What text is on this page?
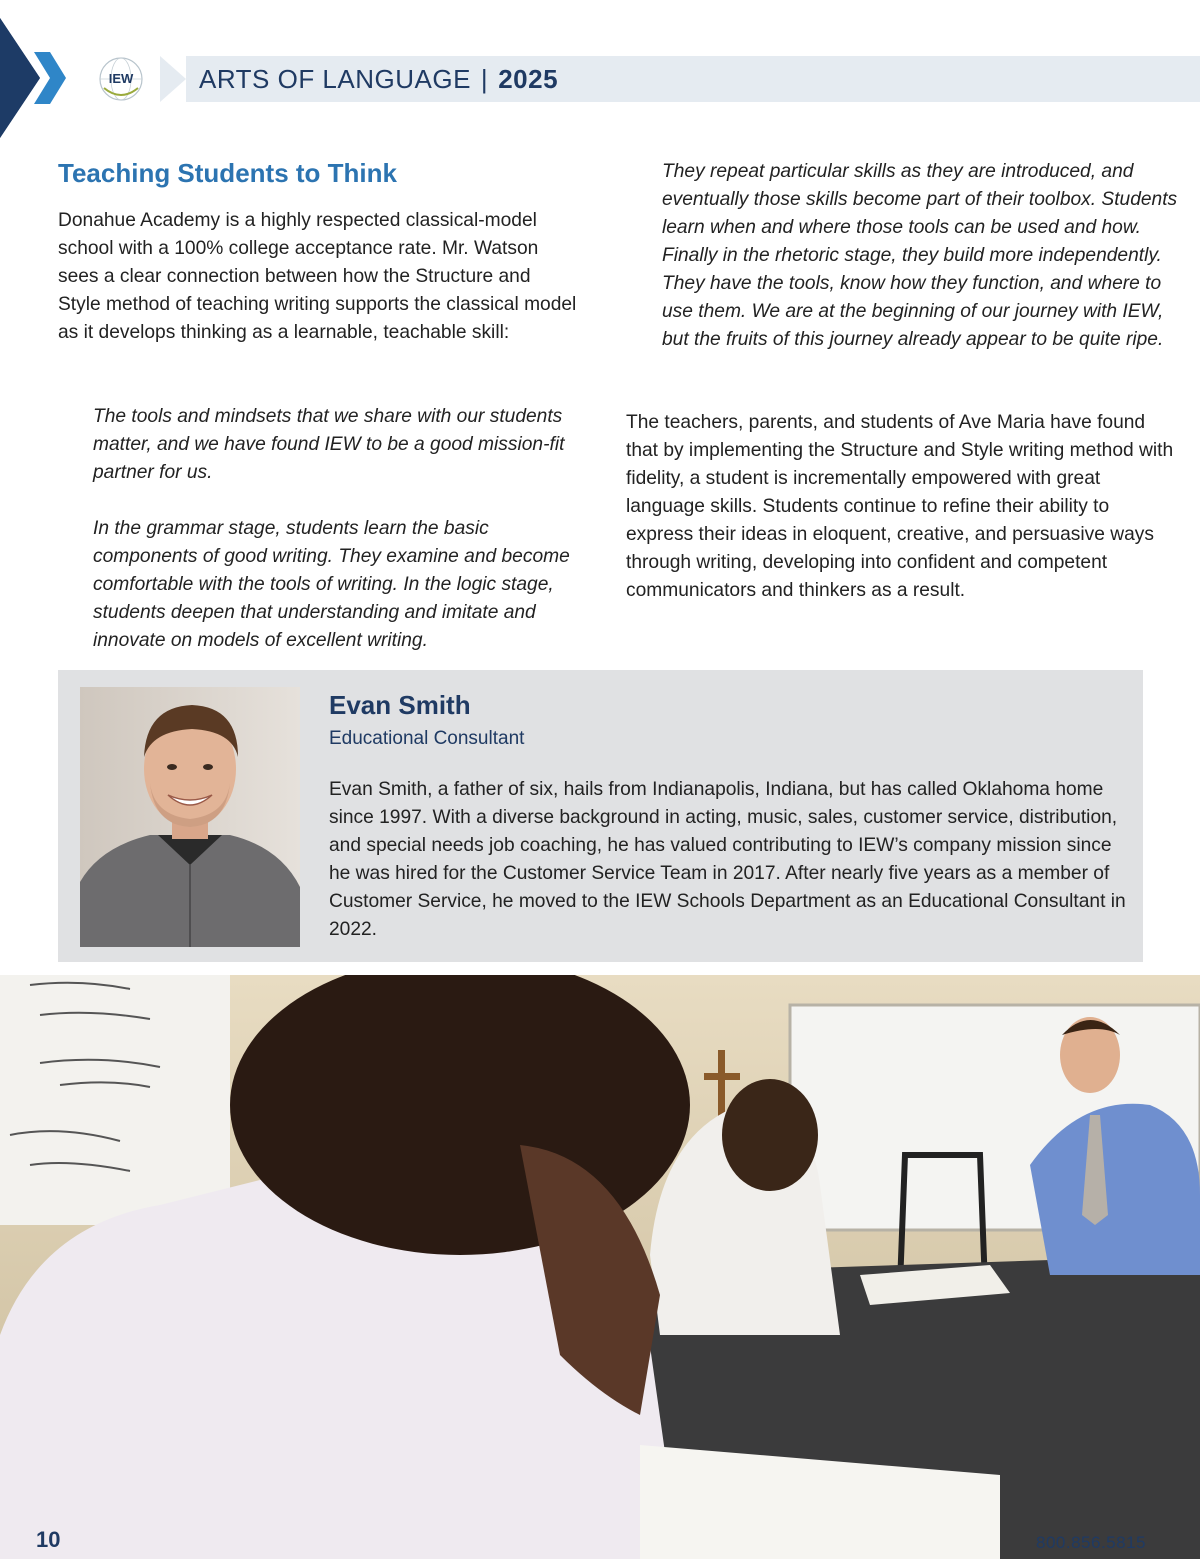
IEW	ARTS OF LANGUAGE | 2025
Teaching Students to Think
Donahue Academy is a highly respected classical-model school with a 100% college acceptance rate. Mr. Watson sees a clear connection between how the Structure and Style method of teaching writing supports the classical model as it develops thinking as a learnable, teachable skill:
The tools and mindsets that we share with our students matter, and we have found IEW to be a good mission-fit partner for us.
In the grammar stage, students learn the basic components of good writing. They examine and become comfortable with the tools of writing. In the logic stage, students deepen that understanding and imitate and innovate on models of excellent writing.
They repeat particular skills as they are introduced, and eventually those skills become part of their toolbox. Students learn when and where those tools can be used and how. Finally in the rhetoric stage, they build more independently. They have the tools, know how they function, and where to use them. We are at the beginning of our journey with IEW, but the fruits of this journey already appear to be quite ripe.
The teachers, parents, and students of Ave Maria have found that by implementing the Structure and Style writing method with fidelity, a student is incrementally empowered with great language skills. Students continue to refine their ability to express their ideas in eloquent, creative, and persuasive ways through writing, developing into confident and competent communicators and thinkers as a result.
Evan Smith
Educational Consultant
Evan Smith, a father of six, hails from Indianapolis, Indiana, but has called Oklahoma home since 1997. With a diverse background in acting, music, sales, customer service, distribution, and special needs job coaching, he has valued contributing to IEW’s company mission since he was hired for the Customer Service Team in 2017. After nearly five years as a member of Customer Service, he moved to the IEW Schools Department as an Educational Consultant in 2022.
10	800.856.5815
